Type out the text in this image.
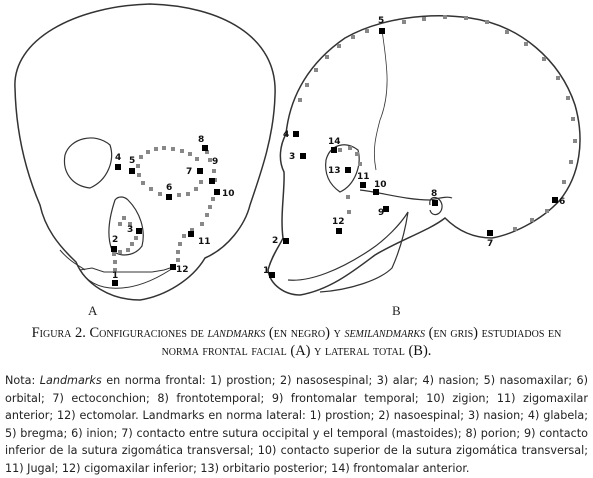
1
2
3
4 5
6
7
8
9
10
11
12	1
2
3
4
5
6
7
8
9
10
11
12
13
14
A	B
Figura 2. Configuraciones de landmarks (en negro) y semilandmarks (en gris) estudiados en norma frontal facial (A) y lateral total (B).
Nota: Landmarks en norma frontal: 1) prostion; 2) nasosespinal; 3) alar; 4) nasion; 5) nasomaxilar; 6) orbital; 7) ectoconchion; 8) frontotemporal; 9) frontomalar temporal; 10) zigion; 11) zigomaxilar anterior; 12) ectomolar. Landmarks en norma lateral: 1) prostion; 2) nasoespinal; 3) nasion; 4) glabela; 5) bregma; 6) inion; 7) contacto entre sutura occipital y el temporal (mastoides); 8) porion; 9) contacto inferior de la sutura zigomática transversal; 10) contacto superior de la sutura zigomática transversal; 11) Jugal; 12) cigomaxilar inferior; 13) orbitario posterior; 14) frontomalar anterior.
